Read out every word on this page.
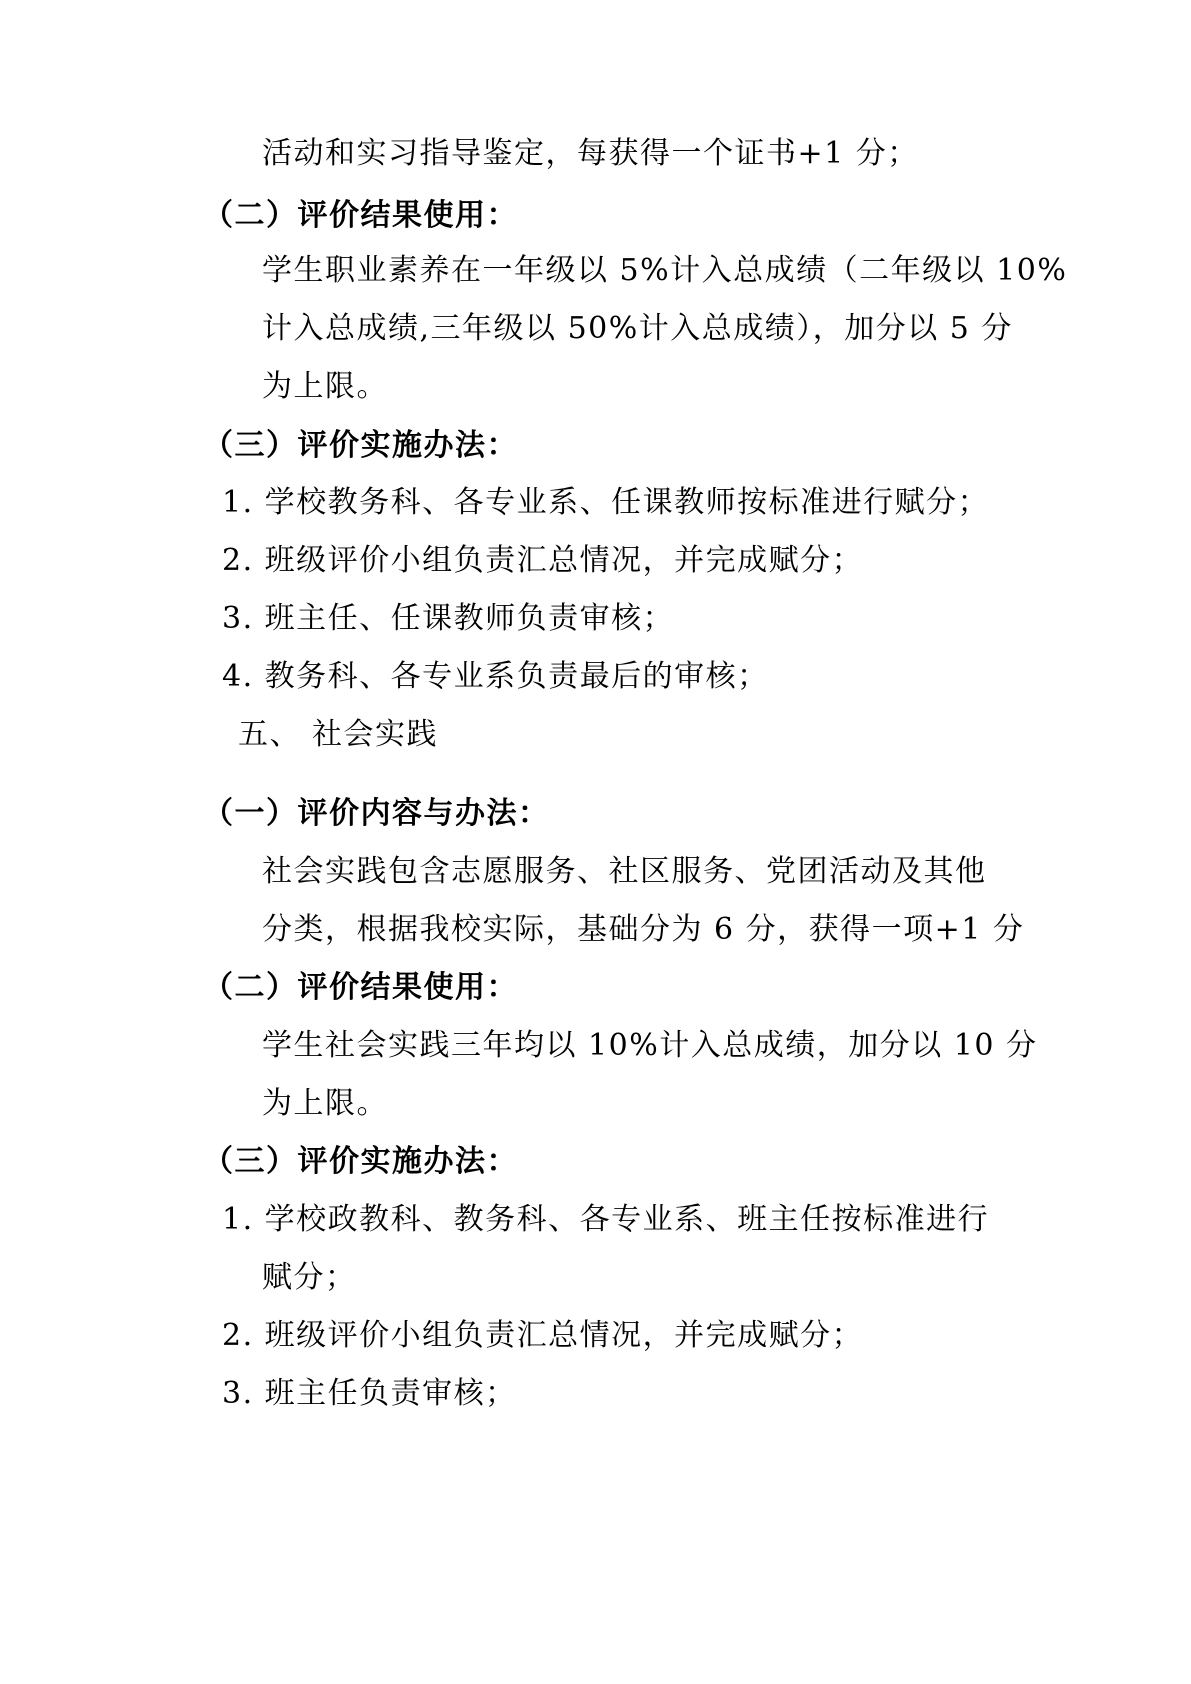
活动和实习指导鉴定，每获得一个证书+1 分；
（二）评价结果使用：
学生职业素养在一年级以 5%计入总成绩（二年级以 10%
计入总成绩,三年级以 50%计入总成绩），加分以 5 分
为上限。
（三）评价实施办法：
1. 学校教务科、各专业系、任课教师按标准进行赋分；
2. 班级评价小组负责汇总情况，并完成赋分；
3. 班主任、任课教师负责审核；
4. 教务科、各专业系负责最后的审核；
五、 社会实践
（一）评价内容与办法：
社会实践包含志愿服务、社区服务、党团活动及其他
分类，根据我校实际，基础分为 6 分，获得一项+1 分
（二）评价结果使用：
学生社会实践三年均以 10%计入总成绩，加分以 10 分
为上限。
（三）评价实施办法：
1. 学校政教科、教务科、各专业系、班主任按标准进行
赋分；
2. 班级评价小组负责汇总情况，并完成赋分；
3. 班主任负责审核；
